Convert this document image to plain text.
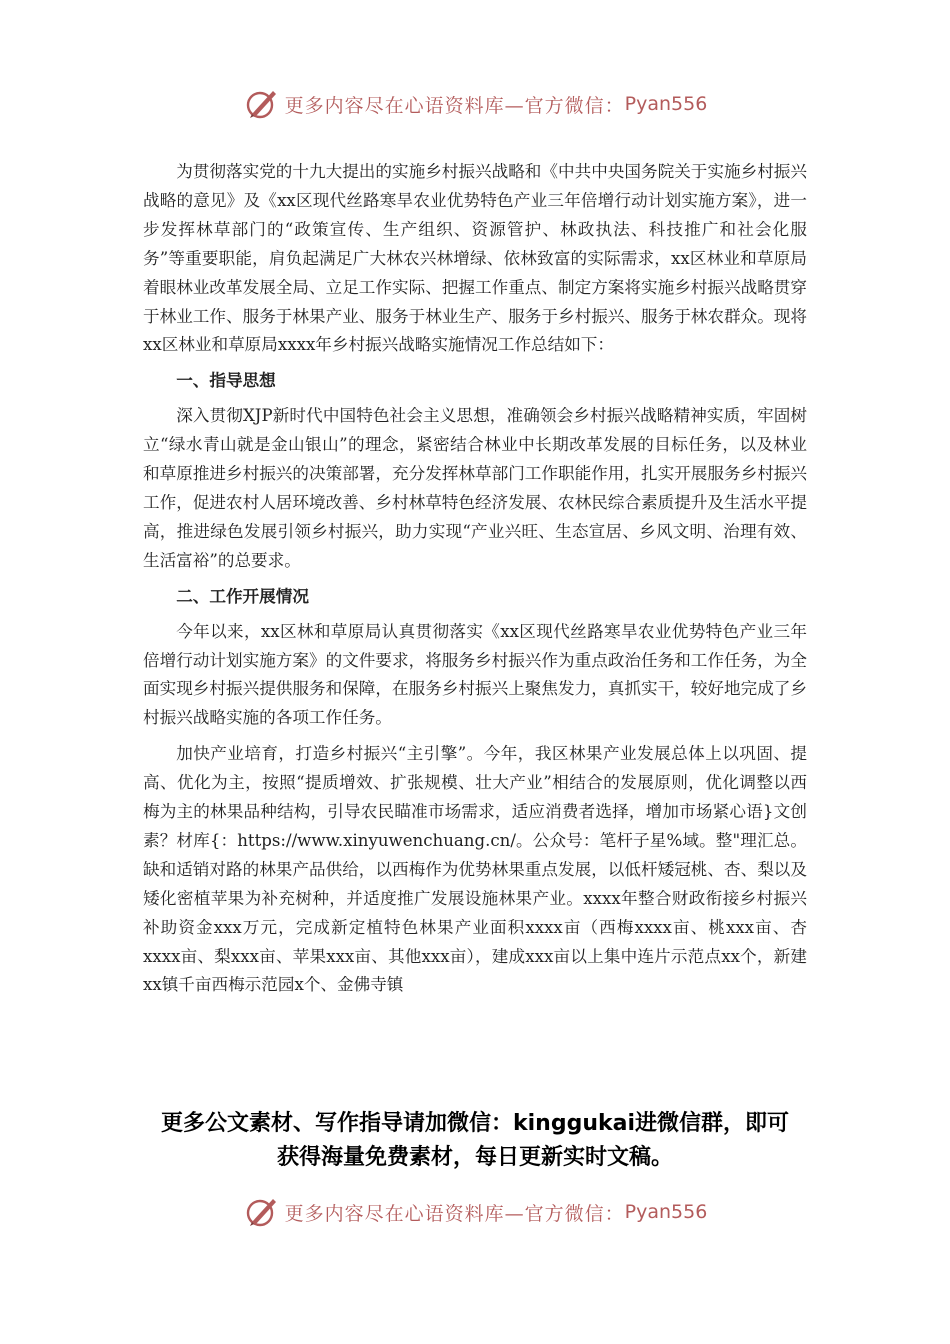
更多内容尽在心语资料库—官方微信： Pyan556

为贯彻落实党的十九大提出的实施乡村振兴战略和《中共中央国务院关于实施乡村振兴战略的意见》及《xx区现代丝路寒旱农业优势特色产业三年倍增行动计划实施方案》，进一步发挥林草部门的“政策宣传、生产组织、资源管护、林政执法、科技推广和社会化服务”等重要职能，肩负起满足广大林农兴林增绿、依林致富的实际需求，xx区林业和草原局着眼林业改革发展全局、立足工作实际、把握工作重点、制定方案将实施乡村振兴战略贯穿于林业工作、服务于林果产业、服务于林业生产、服务于乡村振兴、服务于林农群众。现将xx区林业和草原局xxxx年乡村振兴战略实施情况工作总结如下：

一、指导思想

深入贯彻XJP新时代中国特色社会主义思想，准确领会乡村振兴战略精神实质，牢固树立“绿水青山就是金山银山”的理念，紧密结合林业中长期改革发展的目标任务，以及林业和草原推进乡村振兴的决策部署，充分发挥林草部门工作职能作用，扎实开展服务乡村振兴工作，促进农村人居环境改善、乡村林草特色经济发展、农林民综合素质提升及生活水平提高，推进绿色发展引领乡村振兴，助力实现“产业兴旺、生态宣居、乡风文明、治理有效、生活富裕”的总要求。

二、工作开展情况

今年以来，xx区林和草原局认真贯彻落实《xx区现代丝路寒旱农业优势特色产业三年倍增行动计划实施方案》的文件要求，将服务乡村振兴作为重点政治任务和工作任务，为全面实现乡村振兴提供服务和保障，在服务乡村振兴上聚焦发力，真抓实干，较好地完成了乡村振兴战略实施的各项工作任务。

加快产业培育，打造乡村振兴“主引擎”。今年，我区林果产业发展总体上以巩固、提高、优化为主，按照“提质增效、扩张规模、壮大产业”相结合的发展原则，优化调整以西梅为主的林果品种结构，引导农民瞄准市场需求，适应消费者选择，增加市场紧心语}文创素？材库{：https://www.xinyuwenchuang.cn/。公众号：笔杆子星%域。整"理汇总。缺和适销对路的林果产品供给，以西梅作为优势林果重点发展，以低杆矮冠桃、杏、梨以及矮化密植苹果为补充树种，并适度推广发展设施林果产业。xxxx年整合财政衔接乡村振兴补助资金xxx万元，完成新定植特色林果产业面积xxxx亩（西梅xxxx亩、桃xxx亩、杏xxxx亩、梨xxx亩、苹果xxx亩、其他xxx亩），建成xxx亩以上集中连片示范点xx个，新建xx镇千亩西梅示范园x个、金佛寺镇

更多公文素材、写作指导请加微信：kinggukai进微信群，即可
获得海量免费素材，每日更新实时文稿。
更多内容尽在心语资料库—官方微信： Pyan556
